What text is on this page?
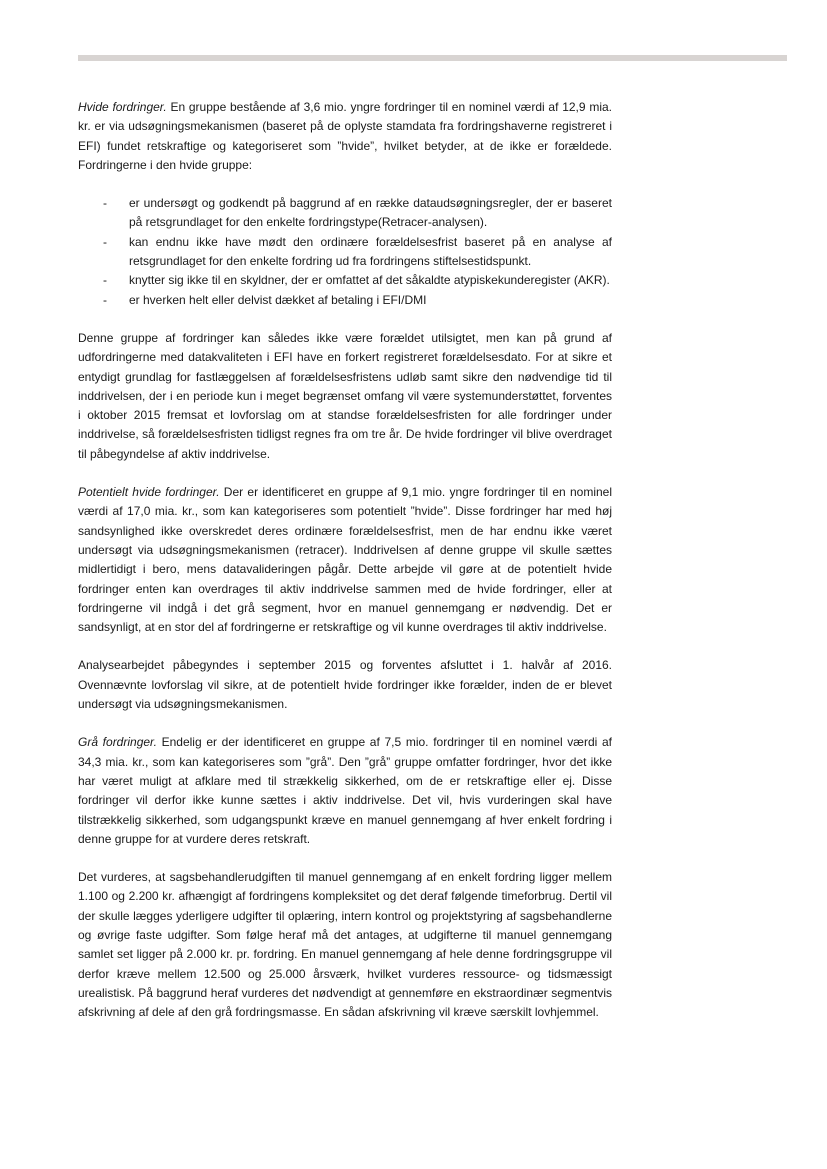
Hvide fordringer. En gruppe bestående af 3,6 mio. yngre fordringer til en nominel værdi af 12,9 mia. kr. er via udsøgningsmekanismen (baseret på de oplyste stamdata fra fordringshaverne registreret i EFI) fundet retskraftige og kategoriseret som ”hvide”, hvilket betyder, at de ikke er forældede. Fordringerne i den hvide gruppe:

- er undersøgt og godkendt på baggrund af en række dataudsøgningsregler, der er baseret på retsgrundlaget for den enkelte fordringstype(Retracer-analysen).
- kan endnu ikke have mødt den ordinære forældelsesfrist baseret på en analyse af retsgrundlaget for den enkelte fordring ud fra fordringens stiftelsestidspunkt.
- knytter sig ikke til en skyldner, der er omfattet af det såkaldte atypiskekunderegister (AKR).
- er hverken helt eller delvist dækket af betaling i EFI/DMI

Denne gruppe af fordringer kan således ikke være forældet utilsigtet, men kan på grund af udfordringerne med datakvaliteten i EFI have en forkert registreret forældelsesdato. For at sikre et entydigt grundlag for fastlæggelsen af forældelsesfristens udløb samt sikre den nødvendige tid til inddrivelsen, der i en periode kun i meget begrænset omfang vil være systemunderstøttet, forventes i oktober 2015 fremsat et lovforslag om at standse forældelsesfristen for alle fordringer under inddrivelse, så forældelsesfristen tidligst regnes fra om tre år. De hvide fordringer vil blive overdraget til påbegyndelse af aktiv inddrivelse.

Potentielt hvide fordringer. Der er identificeret en gruppe af 9,1 mio. yngre fordringer til en nominel værdi af 17,0 mia. kr., som kan kategoriseres som potentielt ”hvide”. Disse fordringer har med høj sandsynlighed ikke overskredet deres ordinære forældelsesfrist, men de har endnu ikke været undersøgt via udsøgningsmekanismen (retracer). Inddrivelsen af denne gruppe vil skulle sættes midlertidigt i bero, mens datavalideringen pågår. Dette arbejde vil gøre at de potentielt hvide fordringer enten kan overdrages til aktiv inddrivelse sammen med de hvide fordringer, eller at fordringerne vil indgå i det grå segment, hvor en manuel gennemgang er nødvendig. Det er sandsynligt, at en stor del af fordringerne er retskraftige og vil kunne overdrages til aktiv inddrivelse.

Analysearbejdet påbegyndes i september 2015 og forventes afsluttet i 1. halvår af 2016. Ovennævnte lovforslag vil sikre, at de potentielt hvide fordringer ikke forælder, inden de er blevet undersøgt via udsøgningsmekanismen.

Grå fordringer. Endelig er der identificeret en gruppe af 7,5 mio. fordringer til en nominel værdi af 34,3 mia. kr., som kan kategoriseres som ”grå”. Den ”grå” gruppe omfatter fordringer, hvor det ikke har været muligt at afklare med til strækkelig sikkerhed, om de er retskraftige eller ej. Disse fordringer vil derfor ikke kunne sættes i aktiv inddrivelse. Det vil, hvis vurderingen skal have tilstrækkelig sikkerhed, som udgangspunkt kræve en manuel gennemgang af hver enkelt fordring i denne gruppe for at vurdere deres retskraft.

Det vurderes, at sagsbehandlerudgiften til manuel gennemgang af en enkelt fordring ligger mellem 1.100 og 2.200 kr. afhængigt af fordringens kompleksitet og det deraf følgende timeforbrug. Dertil vil der skulle lægges yderligere udgifter til oplæring, intern kontrol og projektstyring af sagsbehandlerne og øvrige faste udgifter. Som følge heraf må det antages, at udgifterne til manuel gennemgang samlet set ligger på 2.000 kr. pr. fordring. En manuel gennemgang af hele denne fordringsgruppe vil derfor kræve mellem 12.500 og 25.000 årsværk, hvilket vurderes ressource- og tidsmæssigt urealistisk. På baggrund heraf vurderes det nødvendigt at gennemføre en ekstraordinær segmentvis afskrivning af dele af den grå fordringsmasse. En sådan afskrivning vil kræve særskilt lovhjemmel.
